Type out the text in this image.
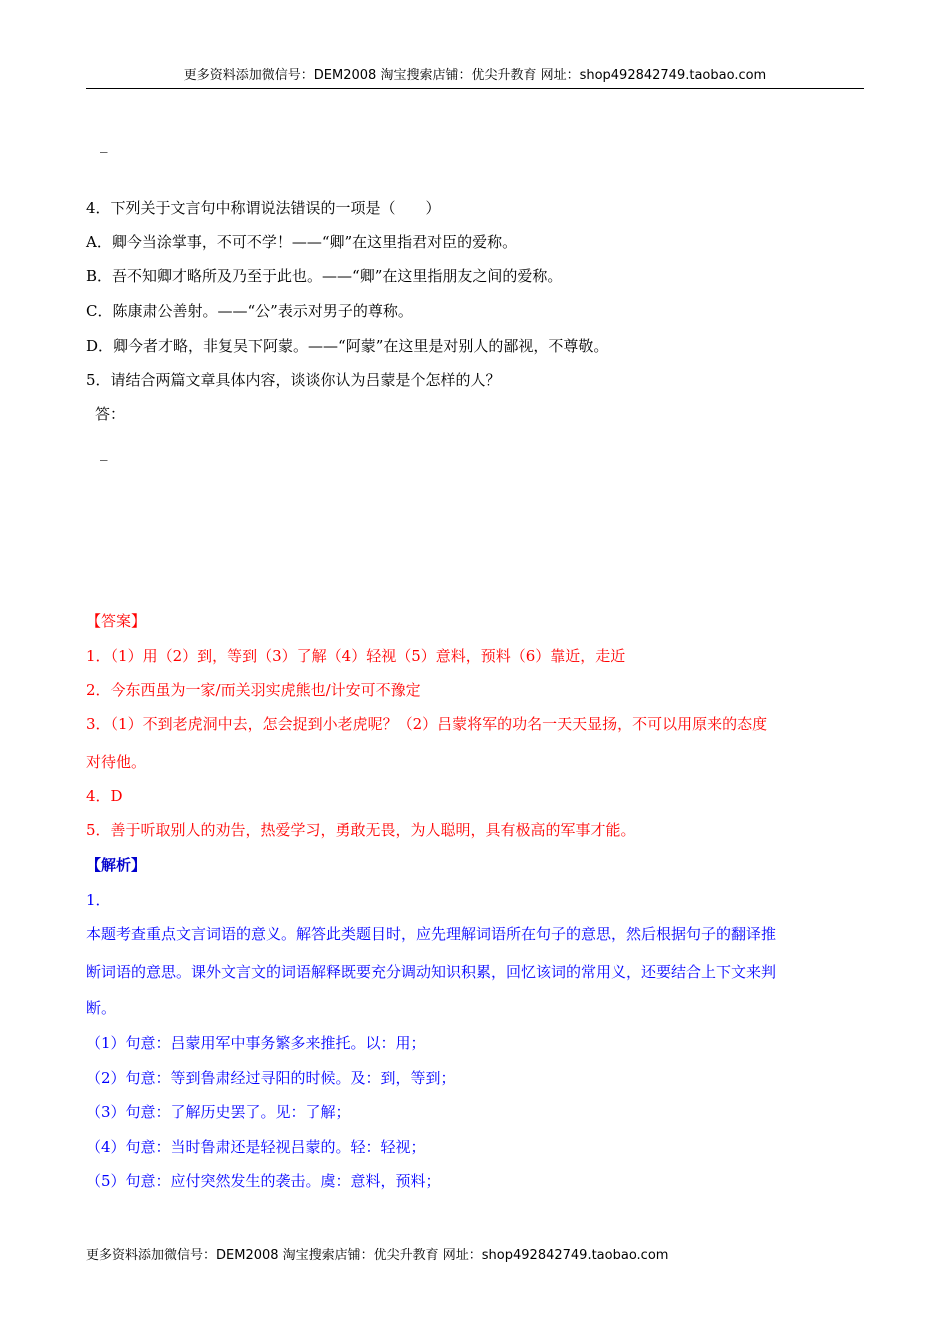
更多资料添加微信号：DEM2008 淘宝搜索店铺：优尖升教育 网址：shop492842749.taobao.com
_
4．下列关于文言句中称谓说法错误的一项是（　　）
A．卿今当涂掌事，不可不学！——“卿”在这里指君对臣的爱称。
B．吾不知卿才略所及乃至于此也。——“卿”在这里指朋友之间的爱称。
C．陈康肃公善射。——“公”表示对男子的尊称。
D．卿今者才略，非复吴下阿蒙。——“阿蒙”在这里是对别人的鄙视，不尊敬。
5．请结合两篇文章具体内容，谈谈你认为吕蒙是个怎样的人？
答：
_
【答案】
1．（1）用（2）到，等到（3）了解（4）轻视（5）意料，预料（6）靠近，走近
2．今东西虽为一家/而关羽实虎熊也/计安可不豫定
3．（1）不到老虎洞中去，怎会捉到小老虎呢？（2）吕蒙将军的功名一天天显扬，不可以用原来的态度
对待他。
4．D
5．善于听取别人的劝告，热爱学习，勇敢无畏，为人聪明，具有极高的军事才能。
【解析】
1．
本题考查重点文言词语的意义。解答此类题目时，应先理解词语所在句子的意思，然后根据句子的翻译推
断词语的意思。课外文言文的词语解释既要充分调动知识积累，回忆该词的常用义，还要结合上下文来判
断。
（1）句意：吕蒙用军中事务繁多来推托。以：用；
（2）句意：等到鲁肃经过寻阳的时候。及：到，等到；
（3）句意：了解历史罢了。见：了解；
（4）句意：当时鲁肃还是轻视吕蒙的。轻：轻视；
（5）句意：应付突然发生的袭击。虞：意料，预料；
更多资料添加微信号：DEM2008 淘宝搜索店铺：优尖升教育 网址：shop492842749.taobao.com
